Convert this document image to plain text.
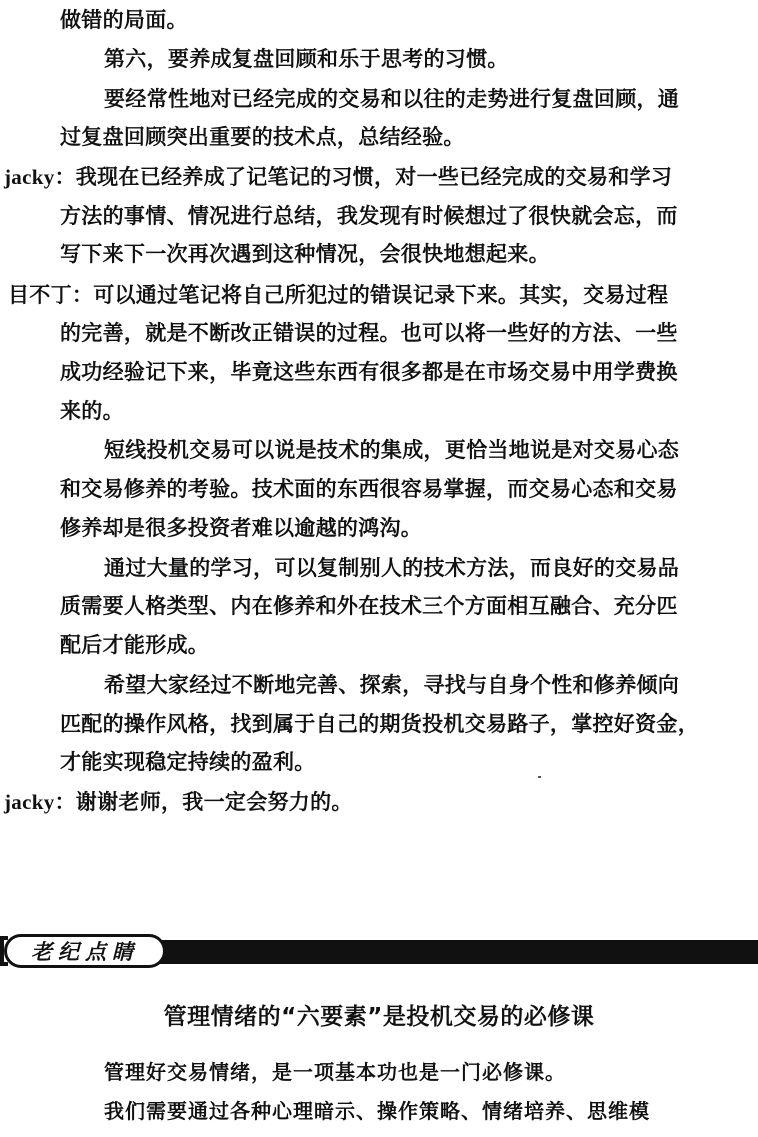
做错的局面。
第六，要养成复盘回顾和乐于思考的习惯。
要经常性地对已经完成的交易和以往的走势进行复盘回顾，通
过复盘回顾突出重要的技术点，总结经验。
jacky：我现在已经养成了记笔记的习惯，对一些已经完成的交易和学习
方法的事情、情况进行总结，我发现有时候想过了很快就会忘，而
写下来下一次再次遇到这种情况，会很快地想起来。
目不丁：可以通过笔记将自己所犯过的错误记录下来。其实，交易过程
的完善，就是不断改正错误的过程。也可以将一些好的方法、一些
成功经验记下来，毕竟这些东西有很多都是在市场交易中用学费换
来的。
短线投机交易可以说是技术的集成，更恰当地说是对交易心态
和交易修养的考验。技术面的东西很容易掌握，而交易心态和交易
修养却是很多投资者难以逾越的鸿沟。
通过大量的学习，可以复制别人的技术方法，而良好的交易品
质需要人格类型、内在修养和外在技术三个方面相互融合、充分匹
配后才能形成。
希望大家经过不断地完善、探索，寻找与自身个性和修养倾向
匹配的操作风格，找到属于自己的期货投机交易路子，掌控好资金，
才能实现稳定持续的盈利。
jacky：谢谢老师，我一定会努力的。
老纪点睛
管理情绪的“六要素”是投机交易的必修课
管理好交易情绪，是一项基本功也是一门必修课。
我们需要通过各种心理暗示、操作策略、情绪培养、思维模
